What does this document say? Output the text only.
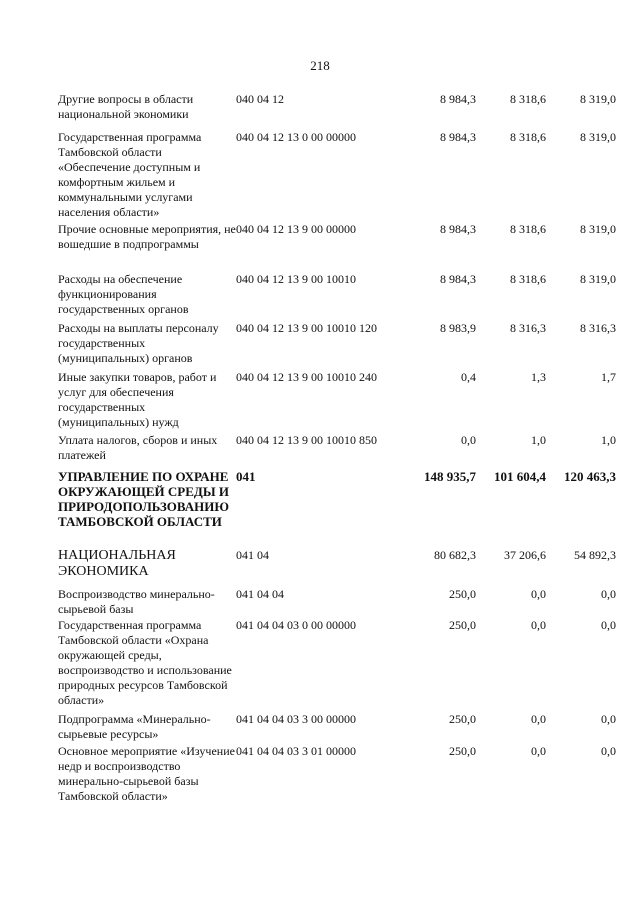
218
Другие вопросы в области национальной экономики
040 04 12	8 984,3	8 318,6	8 319,0
Государственная программа Тамбовской области «Обеспечение доступным и комфортным жильем и коммунальными услугами населения области»
040 04 12 13 0 00 00000	8 984,3	8 318,6	8 319,0
Прочие основные мероприятия, не вошедшие в подпрограммы
040 04 12 13 9 00 00000	8 984,3	8 318,6	8 319,0
Расходы на обеспечение функционирования государственных органов
040 04 12 13 9 00 10010	8 984,3	8 318,6	8 319,0
Расходы на выплаты персоналу государственных (муниципальных) органов
040 04 12 13 9 00 10010 120	8 983,9	8 316,3	8 316,3
Иные закупки товаров, работ и услуг для обеспечения государственных (муниципальных) нужд
040 04 12 13 9 00 10010 240	0,4	1,3	1,7
Уплата налогов, сборов и иных платежей
040 04 12 13 9 00 10010 850	0,0	1,0	1,0
УПРАВЛЕНИЕ ПО ОХРАНЕ ОКРУЖАЮЩЕЙ СРЕДЫ И ПРИРОДОПОЛЬЗОВАНИЮ ТАМБОВСКОЙ ОБЛАСТИ
041	148 935,7	101 604,4	120 463,3
НАЦИОНАЛЬНАЯ ЭКОНОМИКА
041 04	80 682,3	37 206,6	54 892,3
Воспроизводство минерально-сырьевой базы
041 04 04	250,0	0,0	0,0
Государственная программа Тамбовской области «Охрана окружающей среды, воспроизводство и использование природных ресурсов Тамбовской области»
041 04 04 03 0 00 00000	250,0	0,0	0,0
Подпрограмма «Минерально-сырьевые ресурсы»
041 04 04 03 3 00 00000	250,0	0,0	0,0
Основное мероприятие «Изучение недр и воспроизводство минерально-сырьевой базы Тамбовской области»
041 04 04 03 3 01 00000	250,0	0,0	0,0
